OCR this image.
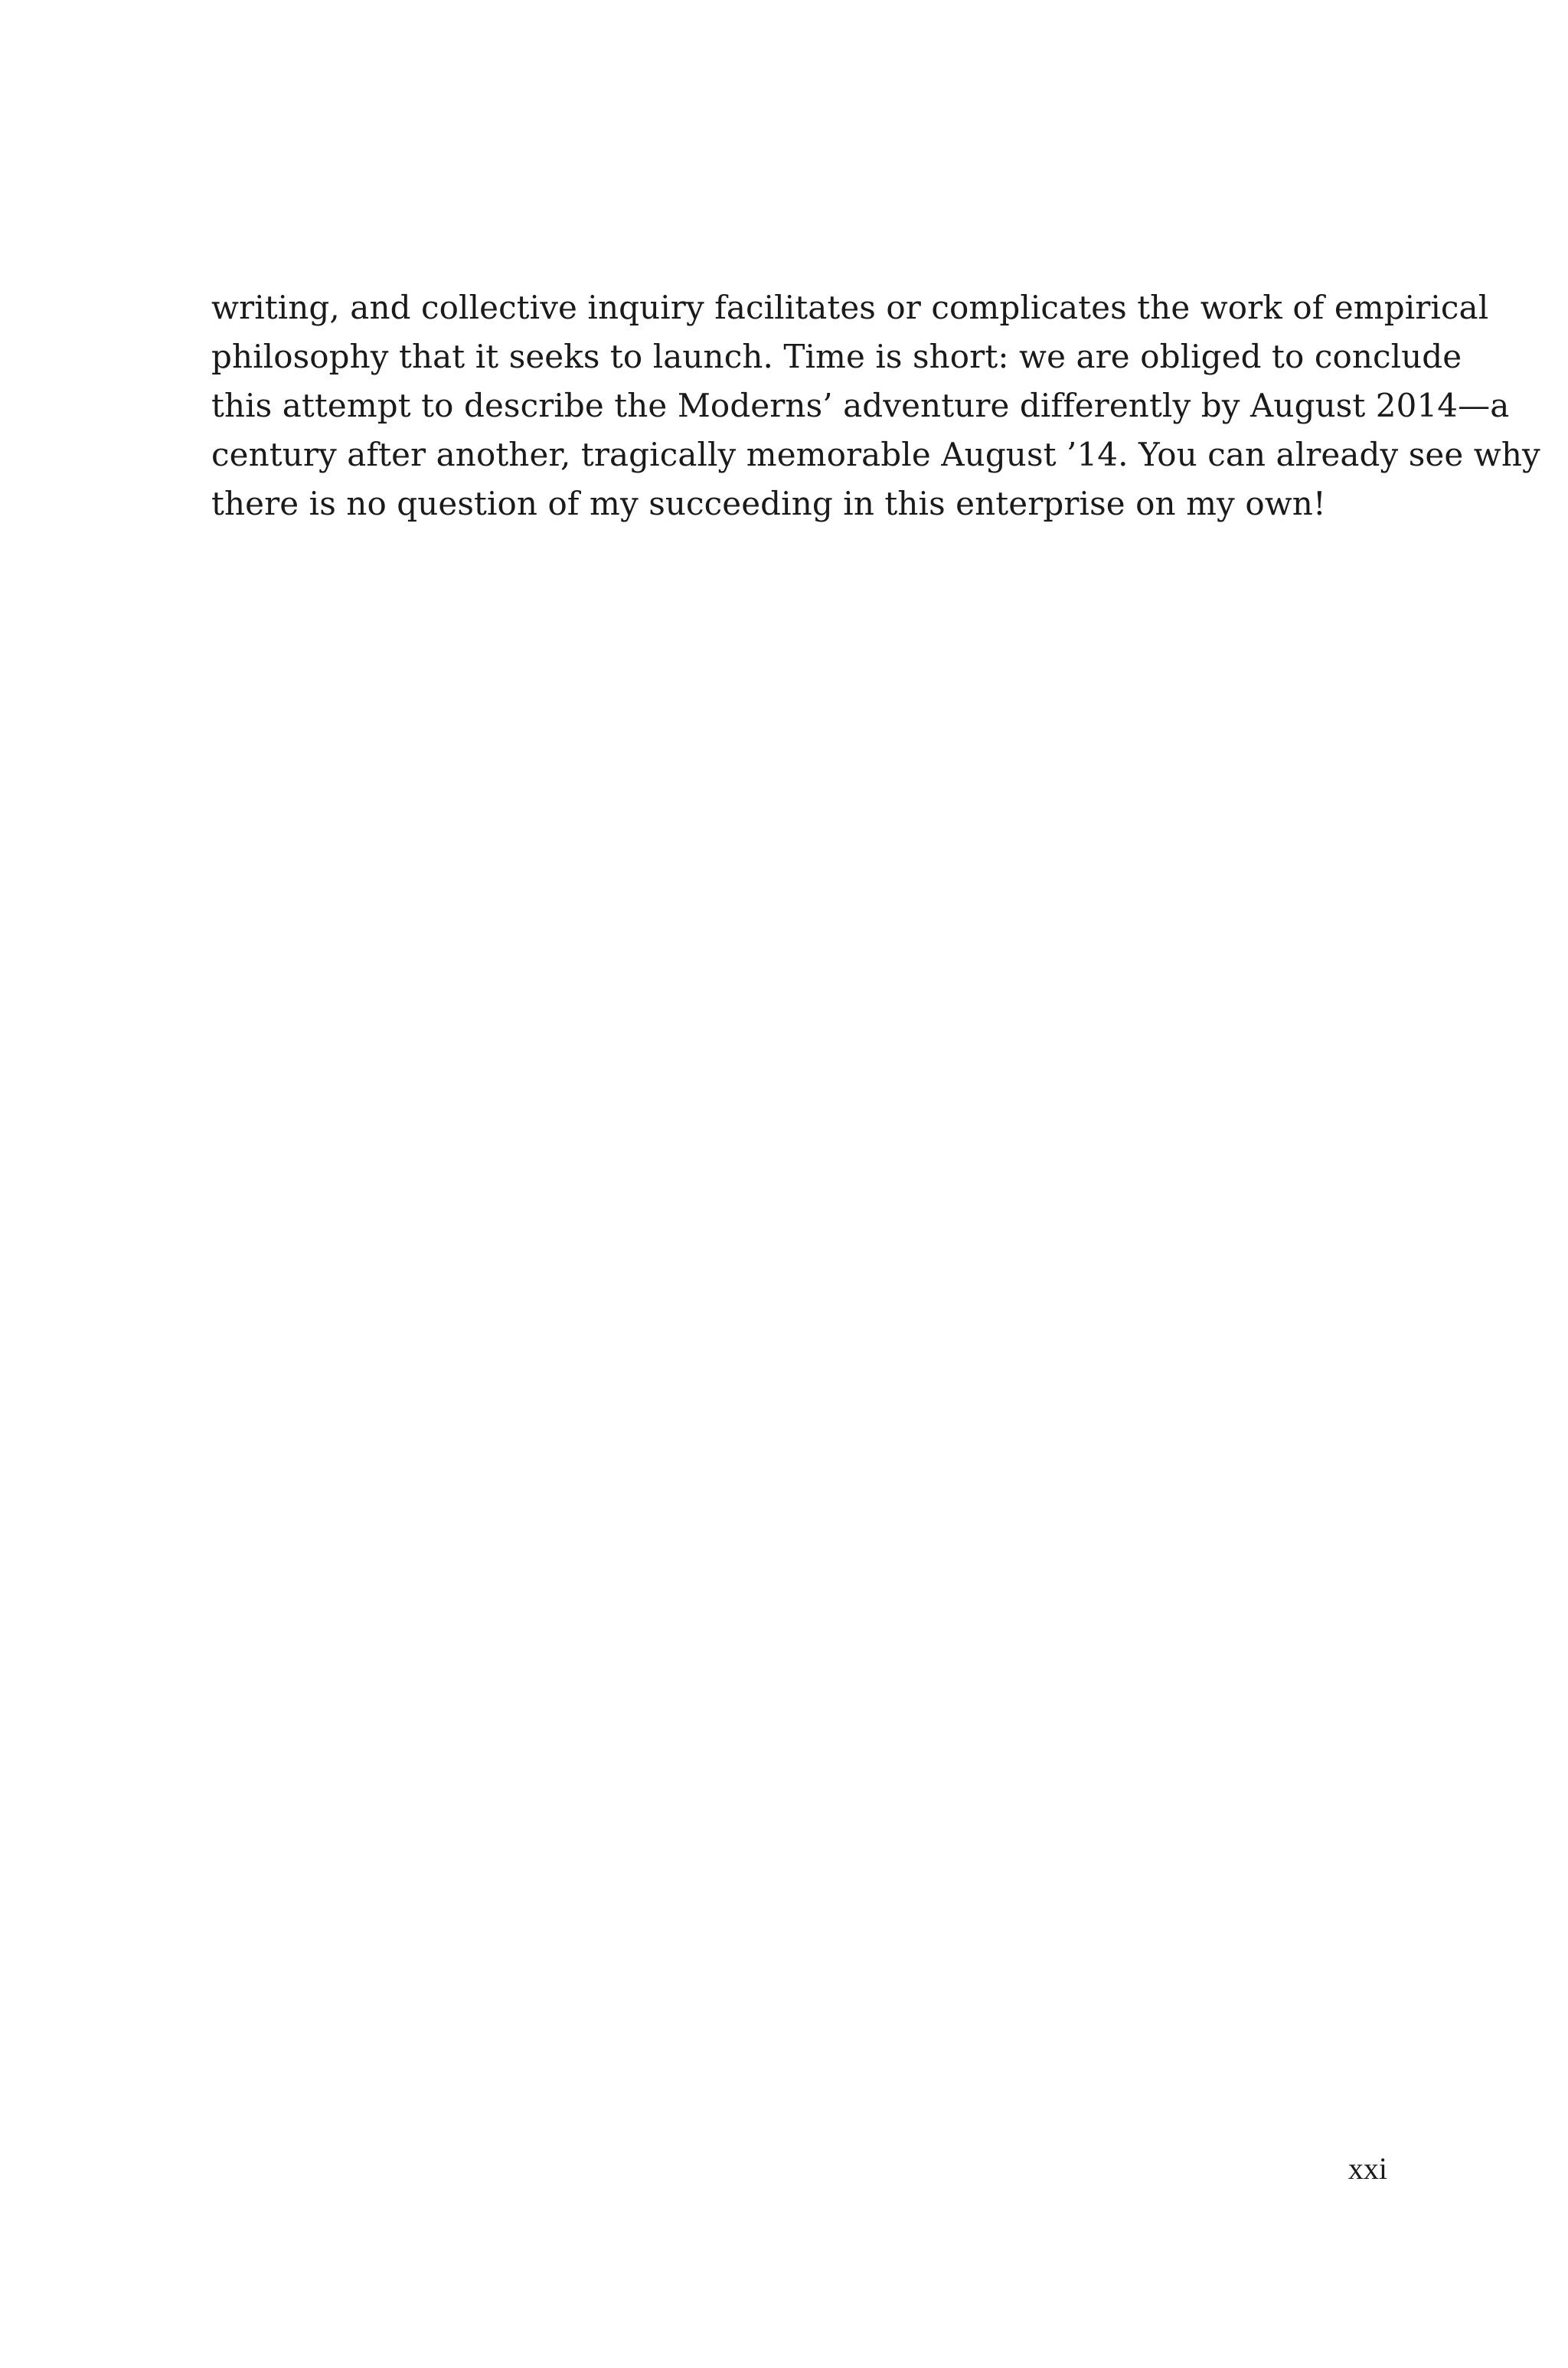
writing, and collective inquiry facilitates or complicates the work of empirical
philosophy that it seeks to launch. Time is short: we are obliged to conclude
this attempt to describe the Moderns’ adventure differently by August 2014—a
century after another, tragically memorable August ’14. You can already see why
there is no question of my succeeding in this enterprise on my own!
xxi
